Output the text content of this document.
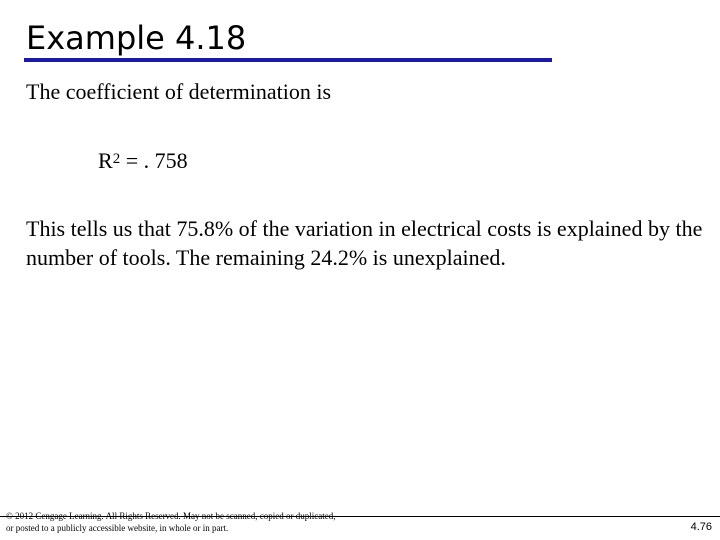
Example 4.18
The coefficient of determination is
$R^2$ = . 758
This tells us that 75.8% of the variation in electrical costs is explained by the number of tools. The remaining 24.2% is unexplained.
© 2012 Cengage Learning. All Rights Reserved. May not be scanned, copied or duplicated, or posted to a publicly accessible website, in whole or in part.	4.76
